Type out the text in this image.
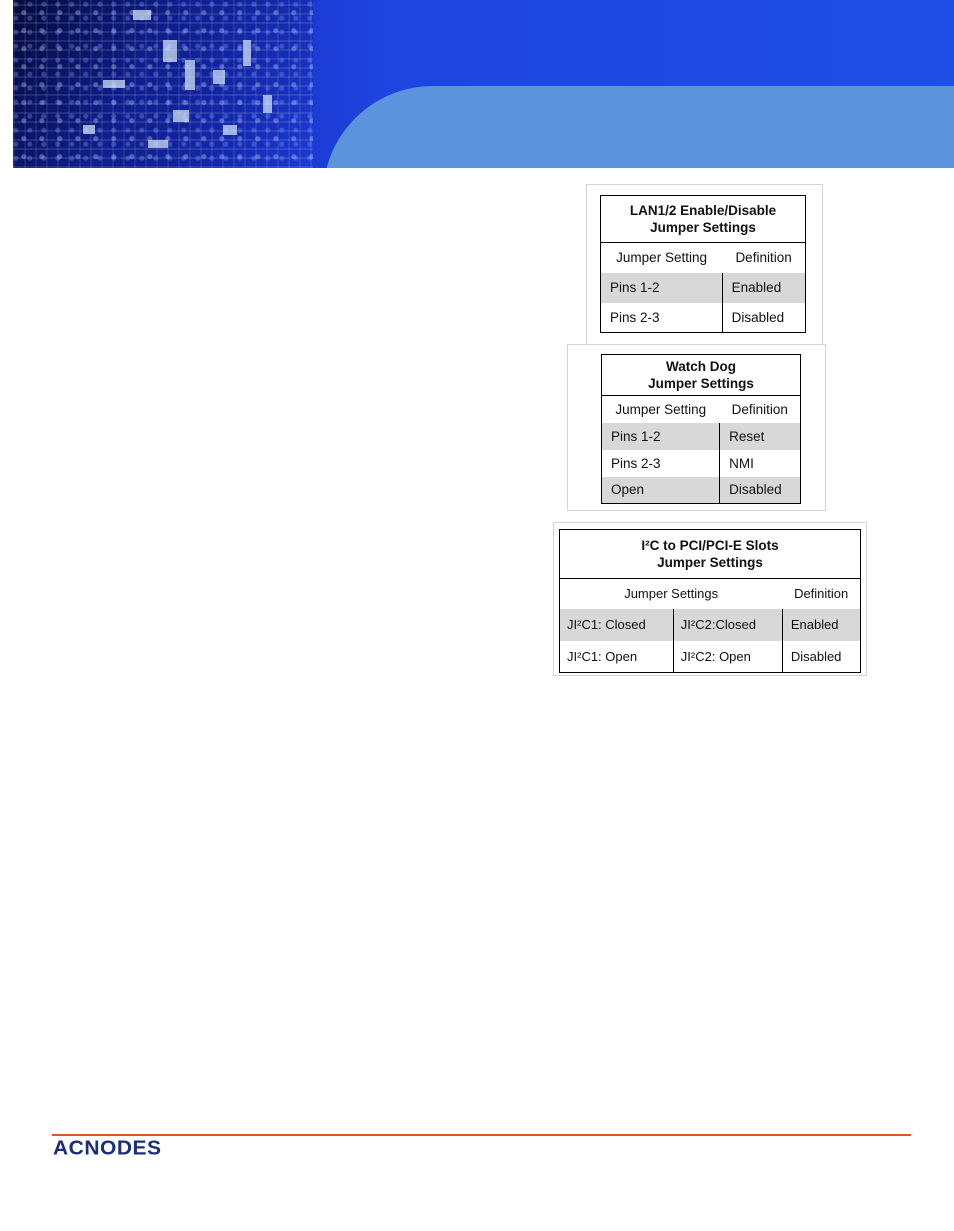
LAN1/2 Enable/Disable
Jumper Settings	
Jumper Setting	Definition
Pins 1-2	Enabled
Pins 2-3	Disabled
Watch Dog
Jumper Settings	
Jumper Setting	Definition
Pins 1-2	Reset
Pins 2-3	NMI
Open	Disabled
I²C to PCI/PCI-E Slots
Jumper Settings		
Jumper Settings		Definition
JI²C1: Closed	JI²C2:Closed	Enabled
JI²C1: Open	JI²C2: Open	Disabled
ACNODES
